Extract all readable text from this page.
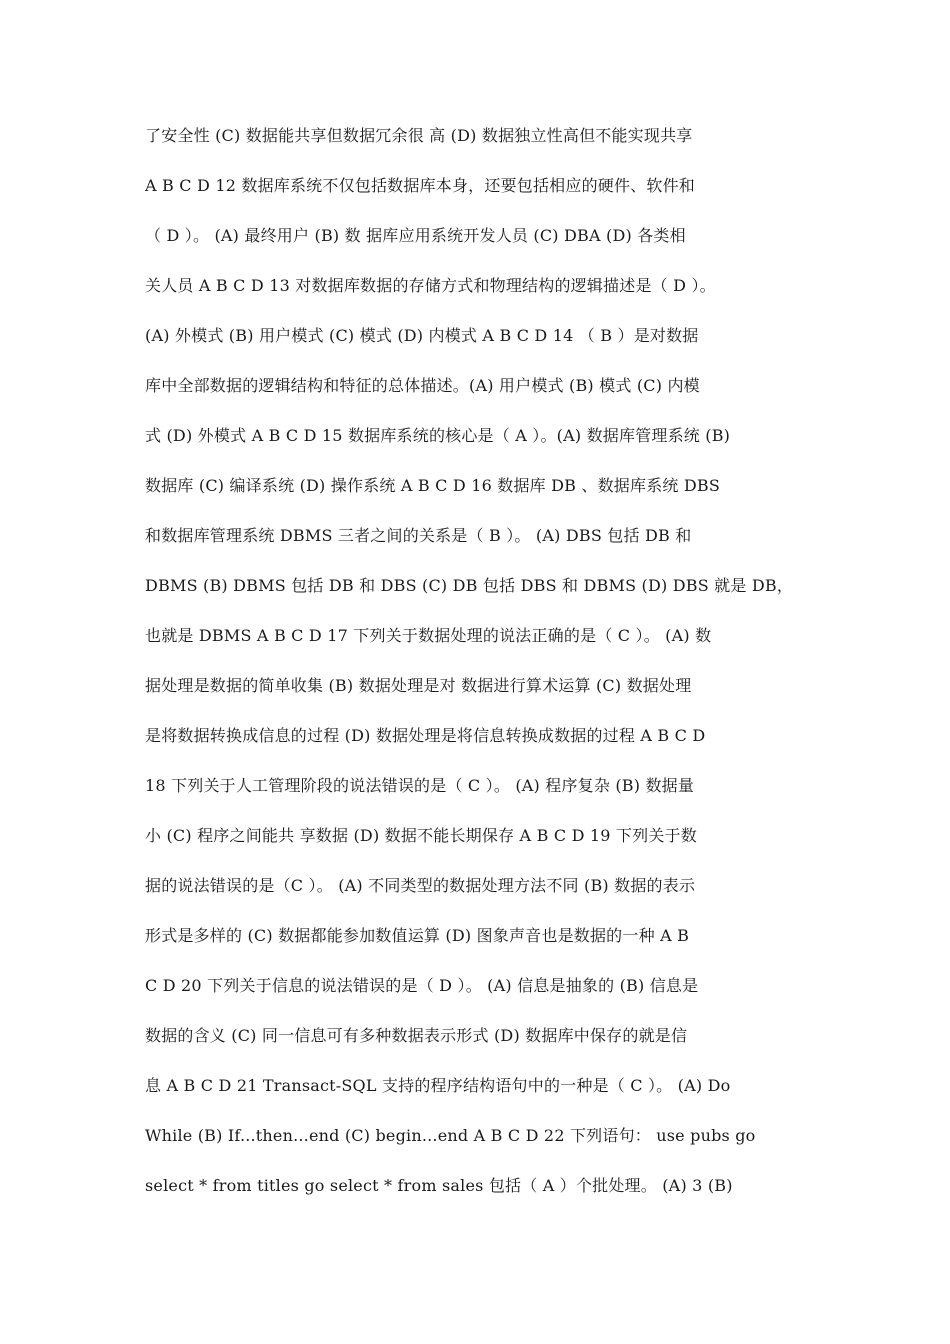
了安全性 (C) 数据能共享但数据冗余很 高 (D) 数据独立性高但不能实现共享
A B C D 12 数据库系统不仅包括数据库本身，还要包括相应的硬件、软件和
（ D ）。 (A) 最终用户 (B) 数 据库应用系统开发人员 (C) DBA (D) 各类相
关人员 A B C D 13 对数据库数据的存储方式和物理结构的逻辑描述是（ D ）。
(A) 外模式 (B) 用户模式 (C) 模式 (D) 内模式 A B C D 14 （ B ）是对数据
库中全部数据的逻辑结构和特征的总体描述。(A) 用户模式 (B) 模式 (C) 内模
式 (D) 外模式 A B C D 15 数据库系统的核心是（ A ）。(A) 数据库管理系统 (B)
数据库 (C) 编译系统 (D) 操作系统 A B C D 16 数据库 DB 、数据库系统 DBS
和数据库管理系统 DBMS 三者之间的关系是（ B ）。 (A) DBS 包括 DB 和
DBMS (B) DBMS 包括 DB 和 DBS (C) DB 包括 DBS 和 DBMS (D) DBS 就是 DB，
也就是 DBMS A B C D 17 下列关于数据处理的说法正确的是（ C ）。 (A) 数
据处理是数据的简单收集 (B) 数据处理是对 数据进行算术运算 (C) 数据处理
是将数据转换成信息的过程 (D) 数据处理是将信息转换成数据的过程 A B C D
18 下列关于人工管理阶段的说法错误的是（ C ）。 (A) 程序复杂 (B) 数据量
小 (C) 程序之间能共 享数据 (D) 数据不能长期保存 A B C D 19 下列关于数
据的说法错误的是（C ）。 (A) 不同类型的数据处理方法不同 (B) 数据的表示
形式是多样的 (C) 数据都能参加数值运算 (D) 图象声音也是数据的一种 A B
C D 20 下列关于信息的说法错误的是（ D ）。 (A) 信息是抽象的 (B) 信息是
数据的含义 (C) 同一信息可有多种数据表示形式 (D) 数据库中保存的就是信
息 A B C D 21 Transact-SQL 支持的程序结构语句中的一种是（ C ）。 (A) Do
While (B) If...then...end (C) begin...end A B C D 22 下列语句： use pubs go
select * from titles go select * from sales 包括（ A ）个批处理。 (A) 3 (B)
